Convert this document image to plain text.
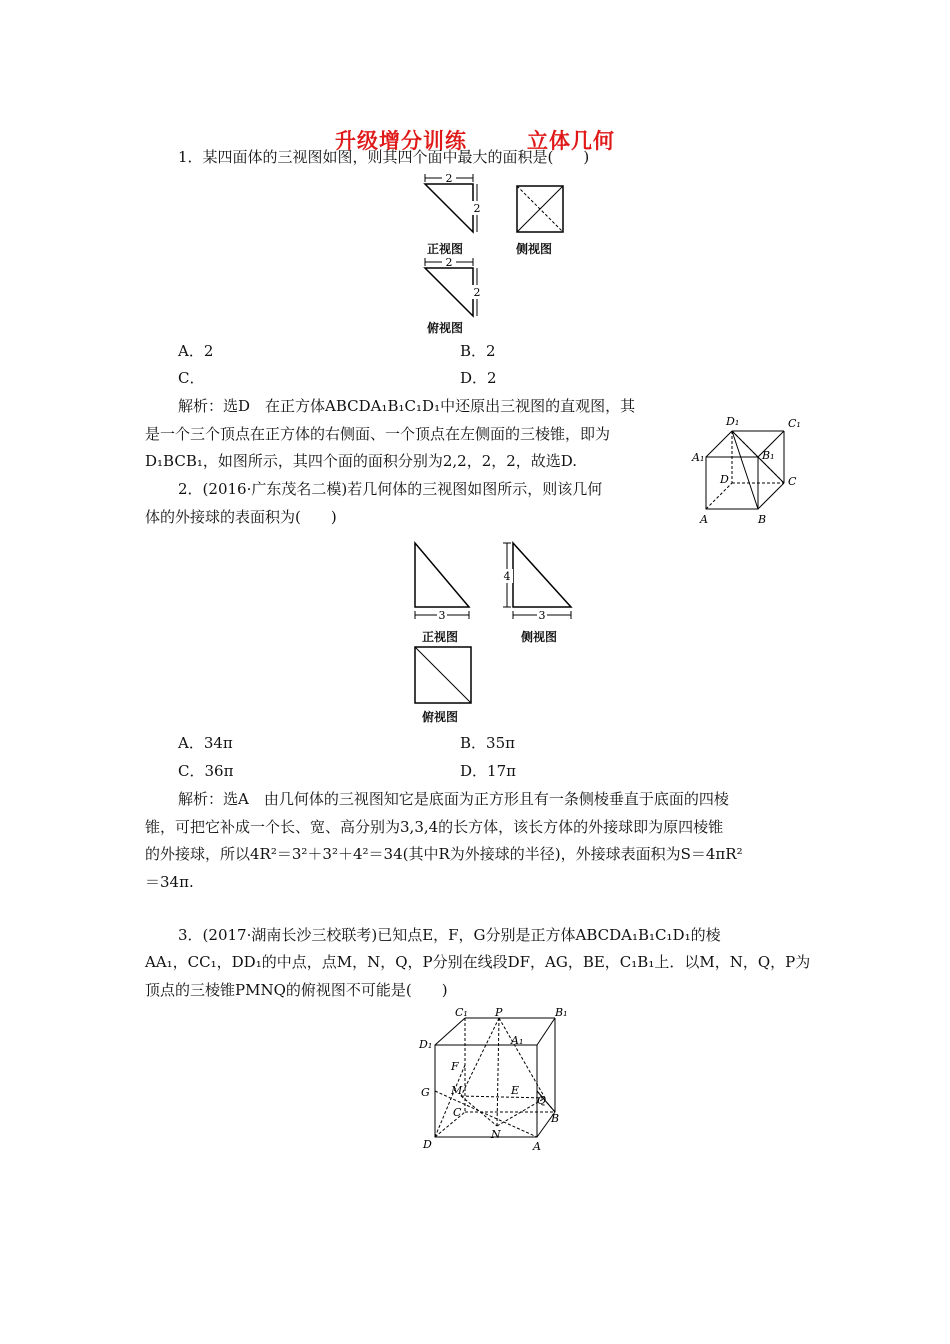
升级增分训练	立体几何
1．某四面体的三视图如图，则其四个面中最大的面积是(　　)
2
2
2
2
正视图	侧视图
俯视图
A．2	B．2
C．	D．2
解析：选D　在正方体ABCDA₁B₁C₁D₁中还原出三视图的直观图，其
是一个三个顶点在正方体的右侧面、一个顶点在左侧面的三棱锥，即为
D₁BCB₁，如图所示，其四个面的面积分别为2,2，2，2，故选D.
D₁	C₁
A₁	B₁
D	C
A	B
2．(2016·广东茂名二模)若几何体的三视图如图所示，则该几何
体的外接球的表面积为(　　)
3
4
3
正视图	侧视图
俯视图
A．34π	B．35π
C．36π	D．17π
解析：选A　由几何体的三视图知它是底面为正方形且有一条侧棱垂直于底面的四棱
锥，可把它补成一个长、宽、高分别为3,3,4的长方体，该长方体的外接球即为原四棱锥
的外接球，所以4R²＝3²＋3²＋4²＝34(其中R为外接球的半径)，外接球表面积为S＝4πR²
＝34π.
3．(2017·湖南长沙三校联考)已知点E，F，G分别是正方体ABCDA₁B₁C₁D₁的棱
AA₁，CC₁，DD₁的中点，点M，N，Q，P分别在线段DF，AG，BE，C₁B₁上．以M，N，Q，P为
顶点的三棱锥PMNQ的俯视图不可能是(　　)
C₁ P	B₁
D₁	A₁
F
G M	E
C
Q
B
N
D	A
